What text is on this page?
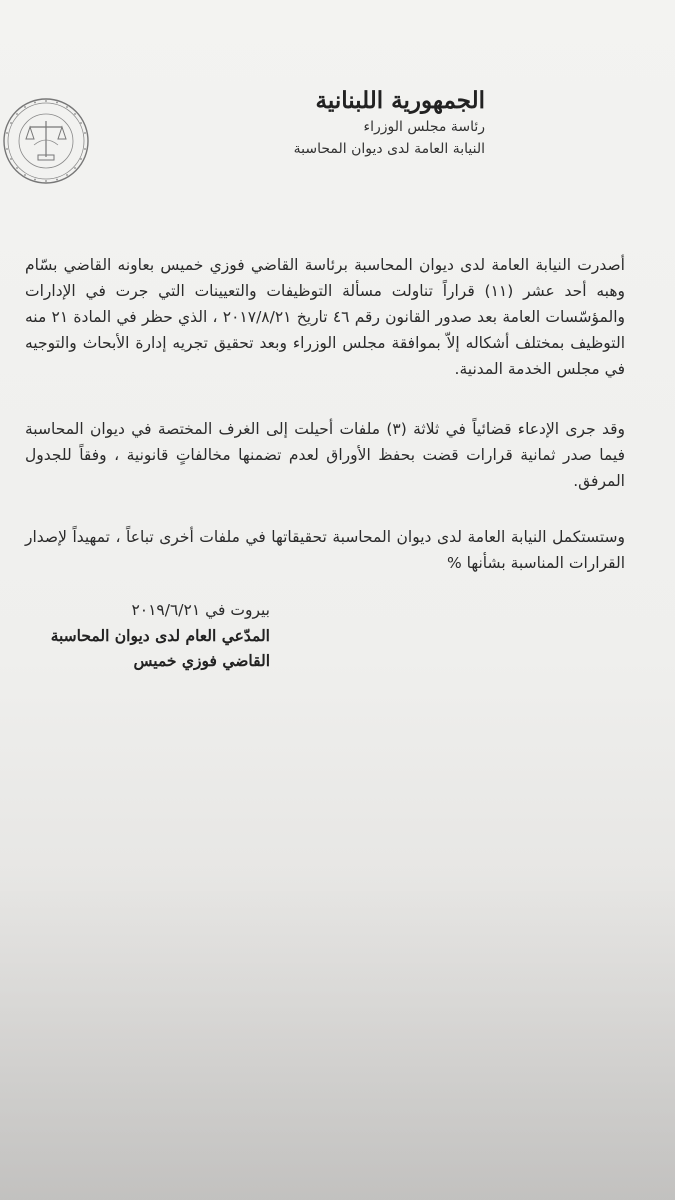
الجمهورية اللبنانية

رئاسة مجلس الوزراء

النيابة العامة لدى ديوان المحاسبة

أصدرت النيابة العامة لدى ديوان المحاسبة برئاسة القاضي فوزي خميس بعاونه القاضي بسّام وهبه أحد عشر (١١) قراراً تناولت مسألة التوظيفات والتعيينات التي جرت في الإدارات والمؤسّسات العامة بعد صدور القانون رقم ٤٦ تاريخ ٢٠١٧/٨/٢١ ، الذي حظر في المادة ٢١ منه التوظيف بمختلف أشكاله إلاّ بموافقة مجلس الوزراء وبعد تحقيق تجريه إدارة الأبحاث والتوجيه في مجلس الخدمة المدنية.

وقد جرى الإدعاء قضائياً في ثلاثة (٣) ملفات أحيلت إلى الغرف المختصة في ديوان المحاسبة فيما صدر ثمانية قرارات قضت بحفظ الأوراق لعدم تضمنها مخالفاتٍ قانونية ، وفقاً للجدول المرفق.

وستستكمل النيابة العامة لدى ديوان المحاسبة تحقيقاتها في ملفات أخرى تباعاً ، تمهيداً لإصدار القرارات المناسبة بشأنها %

بيروت في ٢٠١٩/٦/٢١

المدّعي العام لدى ديوان المحاسبة

القاضي فوزي خميس
